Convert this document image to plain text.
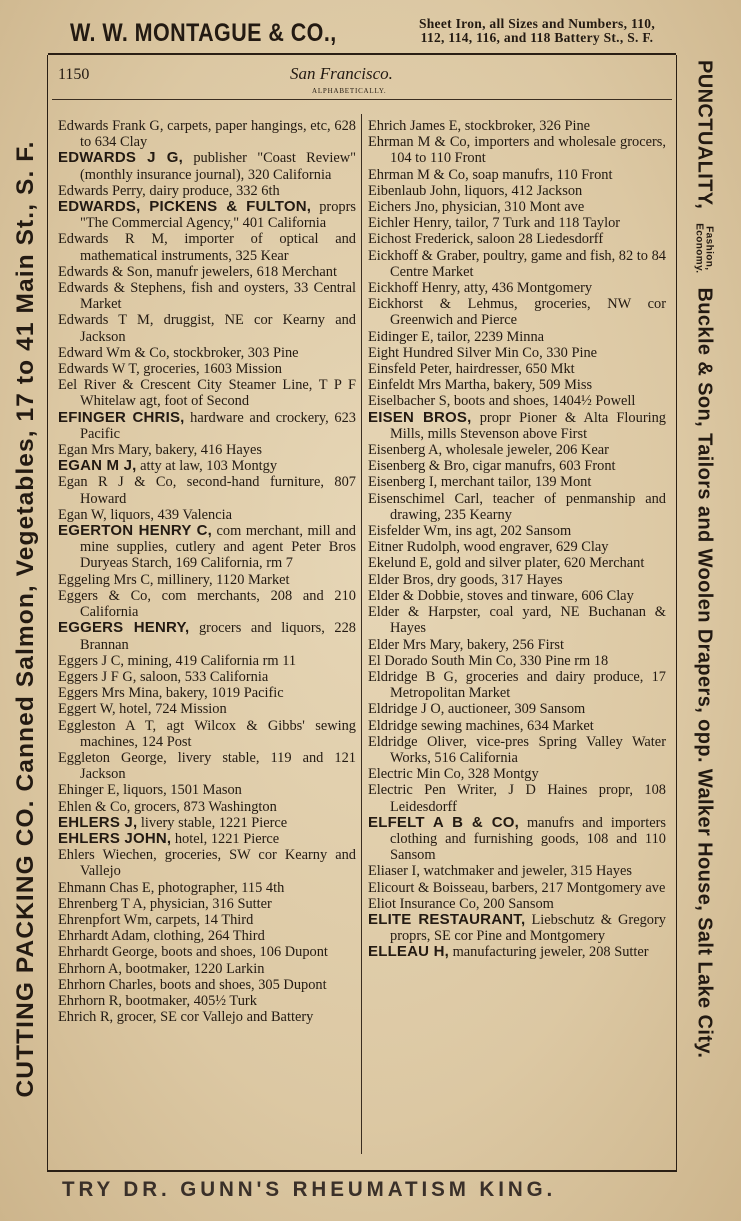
W. W. MONTAGUE & CO.,	Sheet Iron, all Sizes and Numbers, 110,
112, 114, 116, and 118 Battery St., S. F.
CUTTING PACKING CO. Canned Salmon, Vegetables, 17 to 41 Main St., S. F.
PUNCTUALITY, Fashion,
Economy. Buckle & Son, Tailors and Woolen Drapers, opp. Walker House, Salt Lake City.
1150	San Francisco.
ALPHABETICALLY.
Edwards Frank G, carpets, paper hangings, etc, 628 to 634 Clay
EDWARDS J G, publisher "Coast Review" (monthly insurance journal), 320 California
Edwards Perry, dairy produce, 332 6th
EDWARDS, PICKENS & FULTON, proprs "The Commercial Agency," 401 California
Edwards R M, importer of optical and mathematical instruments, 325 Kear
Edwards & Son, manufr jewelers, 618 Merchant
Edwards & Stephens, fish and oysters, 33 Central Market
Edwards T M, druggist, NE cor Kearny and Jackson
Edward Wm & Co, stockbroker, 303 Pine
Edwards W T, groceries, 1603 Mission
Eel River & Crescent City Steamer Line, T P F Whitelaw agt, foot of Second
EFINGER CHRIS, hardware and crockery, 623 Pacific
Egan Mrs Mary, bakery, 416 Hayes
EGAN M J, atty at law, 103 Montgy
Egan R J & Co, second-hand furniture, 807 Howard
Egan W, liquors, 439 Valencia
EGERTON HENRY C, com merchant, mill and mine supplies, cutlery and agent Peter Bros Duryeas Starch, 169 California, rm 7
Eggeling Mrs C, millinery, 1120 Market
Eggers & Co, com merchants, 208 and 210 California
EGGERS HENRY, grocers and liquors, 228 Brannan
Eggers J C, mining, 419 California rm 11
Eggers J F G, saloon, 533 California
Eggers Mrs Mina, bakery, 1019 Pacific
Eggert W, hotel, 724 Mission
Eggleston A T, agt Wilcox & Gibbs' sewing machines, 124 Post
Eggleton George, livery stable, 119 and 121 Jackson
Ehinger E, liquors, 1501 Mason
Ehlen & Co, grocers, 873 Washington
EHLERS J, livery stable, 1221 Pierce
EHLERS JOHN, hotel, 1221 Pierce
Ehlers Wiechen, groceries, SW cor Kearny and Vallejo
Ehmann Chas E, photographer, 115 4th
Ehrenberg T A, physician, 316 Sutter
Ehrenpfort Wm, carpets, 14 Third
Ehrhardt Adam, clothing, 264 Third
Ehrhardt George, boots and shoes, 106 Dupont
Ehrhorn A, bootmaker, 1220 Larkin
Ehrhorn Charles, boots and shoes, 305 Dupont
Ehrhorn R, bootmaker, 405½ Turk
Ehrich R, grocer, SE cor Vallejo and Battery
Ehrich James E, stockbroker, 326 Pine
Ehrman M & Co, importers and wholesale grocers, 104 to 110 Front
Ehrman M & Co, soap manufrs, 110 Front
Eibenlaub John, liquors, 412 Jackson
Eichers Jno, physician, 310 Mont ave
Eichler Henry, tailor, 7 Turk and 118 Taylor
Eichost Frederick, saloon 28 Liedesdorff
Eickhoff & Graber, poultry, game and fish, 82 to 84 Centre Market
Eickhoff Henry, atty, 436 Montgomery
Eickhorst & Lehmus, groceries, NW cor Greenwich and Pierce
Eidinger E, tailor, 2239 Minna
Eight Hundred Silver Min Co, 330 Pine
Einsfeld Peter, hairdresser, 650 Mkt
Einfeldt Mrs Martha, bakery, 509 Miss
Eiselbacher S, boots and shoes, 1404½ Powell
EISEN BROS, propr Pioner & Alta Flouring Mills, mills Stevenson above First
Eisenberg A, wholesale jeweler, 206 Kear
Eisenberg & Bro, cigar manufrs, 603 Front
Eisenberg I, merchant tailor, 139 Mont
Eisenschimel Carl, teacher of penmanship and drawing, 235 Kearny
Eisfelder Wm, ins agt, 202 Sansom
Eitner Rudolph, wood engraver, 629 Clay
Ekelund E, gold and silver plater, 620 Merchant
Elder Bros, dry goods, 317 Hayes
Elder & Dobbie, stoves and tinware, 606 Clay
Elder & Harpster, coal yard, NE Buchanan & Hayes
Elder Mrs Mary, bakery, 256 First
El Dorado South Min Co, 330 Pine rm 18
Eldridge B G, groceries and dairy produce, 17 Metropolitan Market
Eldridge J O, auctioneer, 309 Sansom
Eldridge sewing machines, 634 Market
Eldridge Oliver, vice-pres Spring Valley Water Works, 516 California
Electric Min Co, 328 Montgy
Electric Pen Writer, J D Haines propr, 108 Leidesdorff
ELFELT A B & CO, manufrs and importers clothing and furnishing goods, 108 and 110 Sansom
Eliaser I, watchmaker and jeweler, 315 Hayes
Elicourt & Boisseau, barbers, 217 Montgomery ave
Eliot Insurance Co, 200 Sansom
ELITE RESTAURANT, Liebschutz & Gregory proprs, SE cor Pine and Montgomery
ELLEAU H, manufacturing jeweler, 208 Sutter
TRY DR. GUNN'S RHEUMATISM KING.
